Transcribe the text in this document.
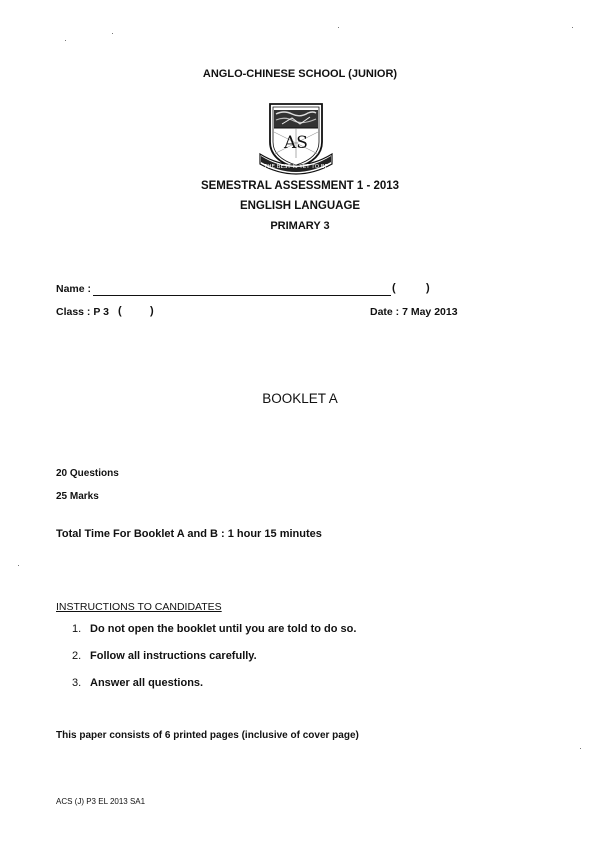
ANGLO-CHINESE SCHOOL (JUNIOR)
AS
THE BEST IS YET TO BE
SEMESTRAL ASSESSMENT 1 - 2013
ENGLISH LANGUAGE
PRIMARY 3
Name :	(	)
Class : P 3 (	)	Date : 7 May 2013
BOOKLET A
20 Questions
25 Marks
Total Time For Booklet A and B : 1 hour 15 minutes
INSTRUCTIONS TO CANDIDATES
1. Do not open the booklet until you are told to do so.
2. Follow all instructions carefully.
3. Answer all questions.
This paper consists of 6 printed pages (inclusive of cover page)
ACS (J) P3 EL 2013 SA1
